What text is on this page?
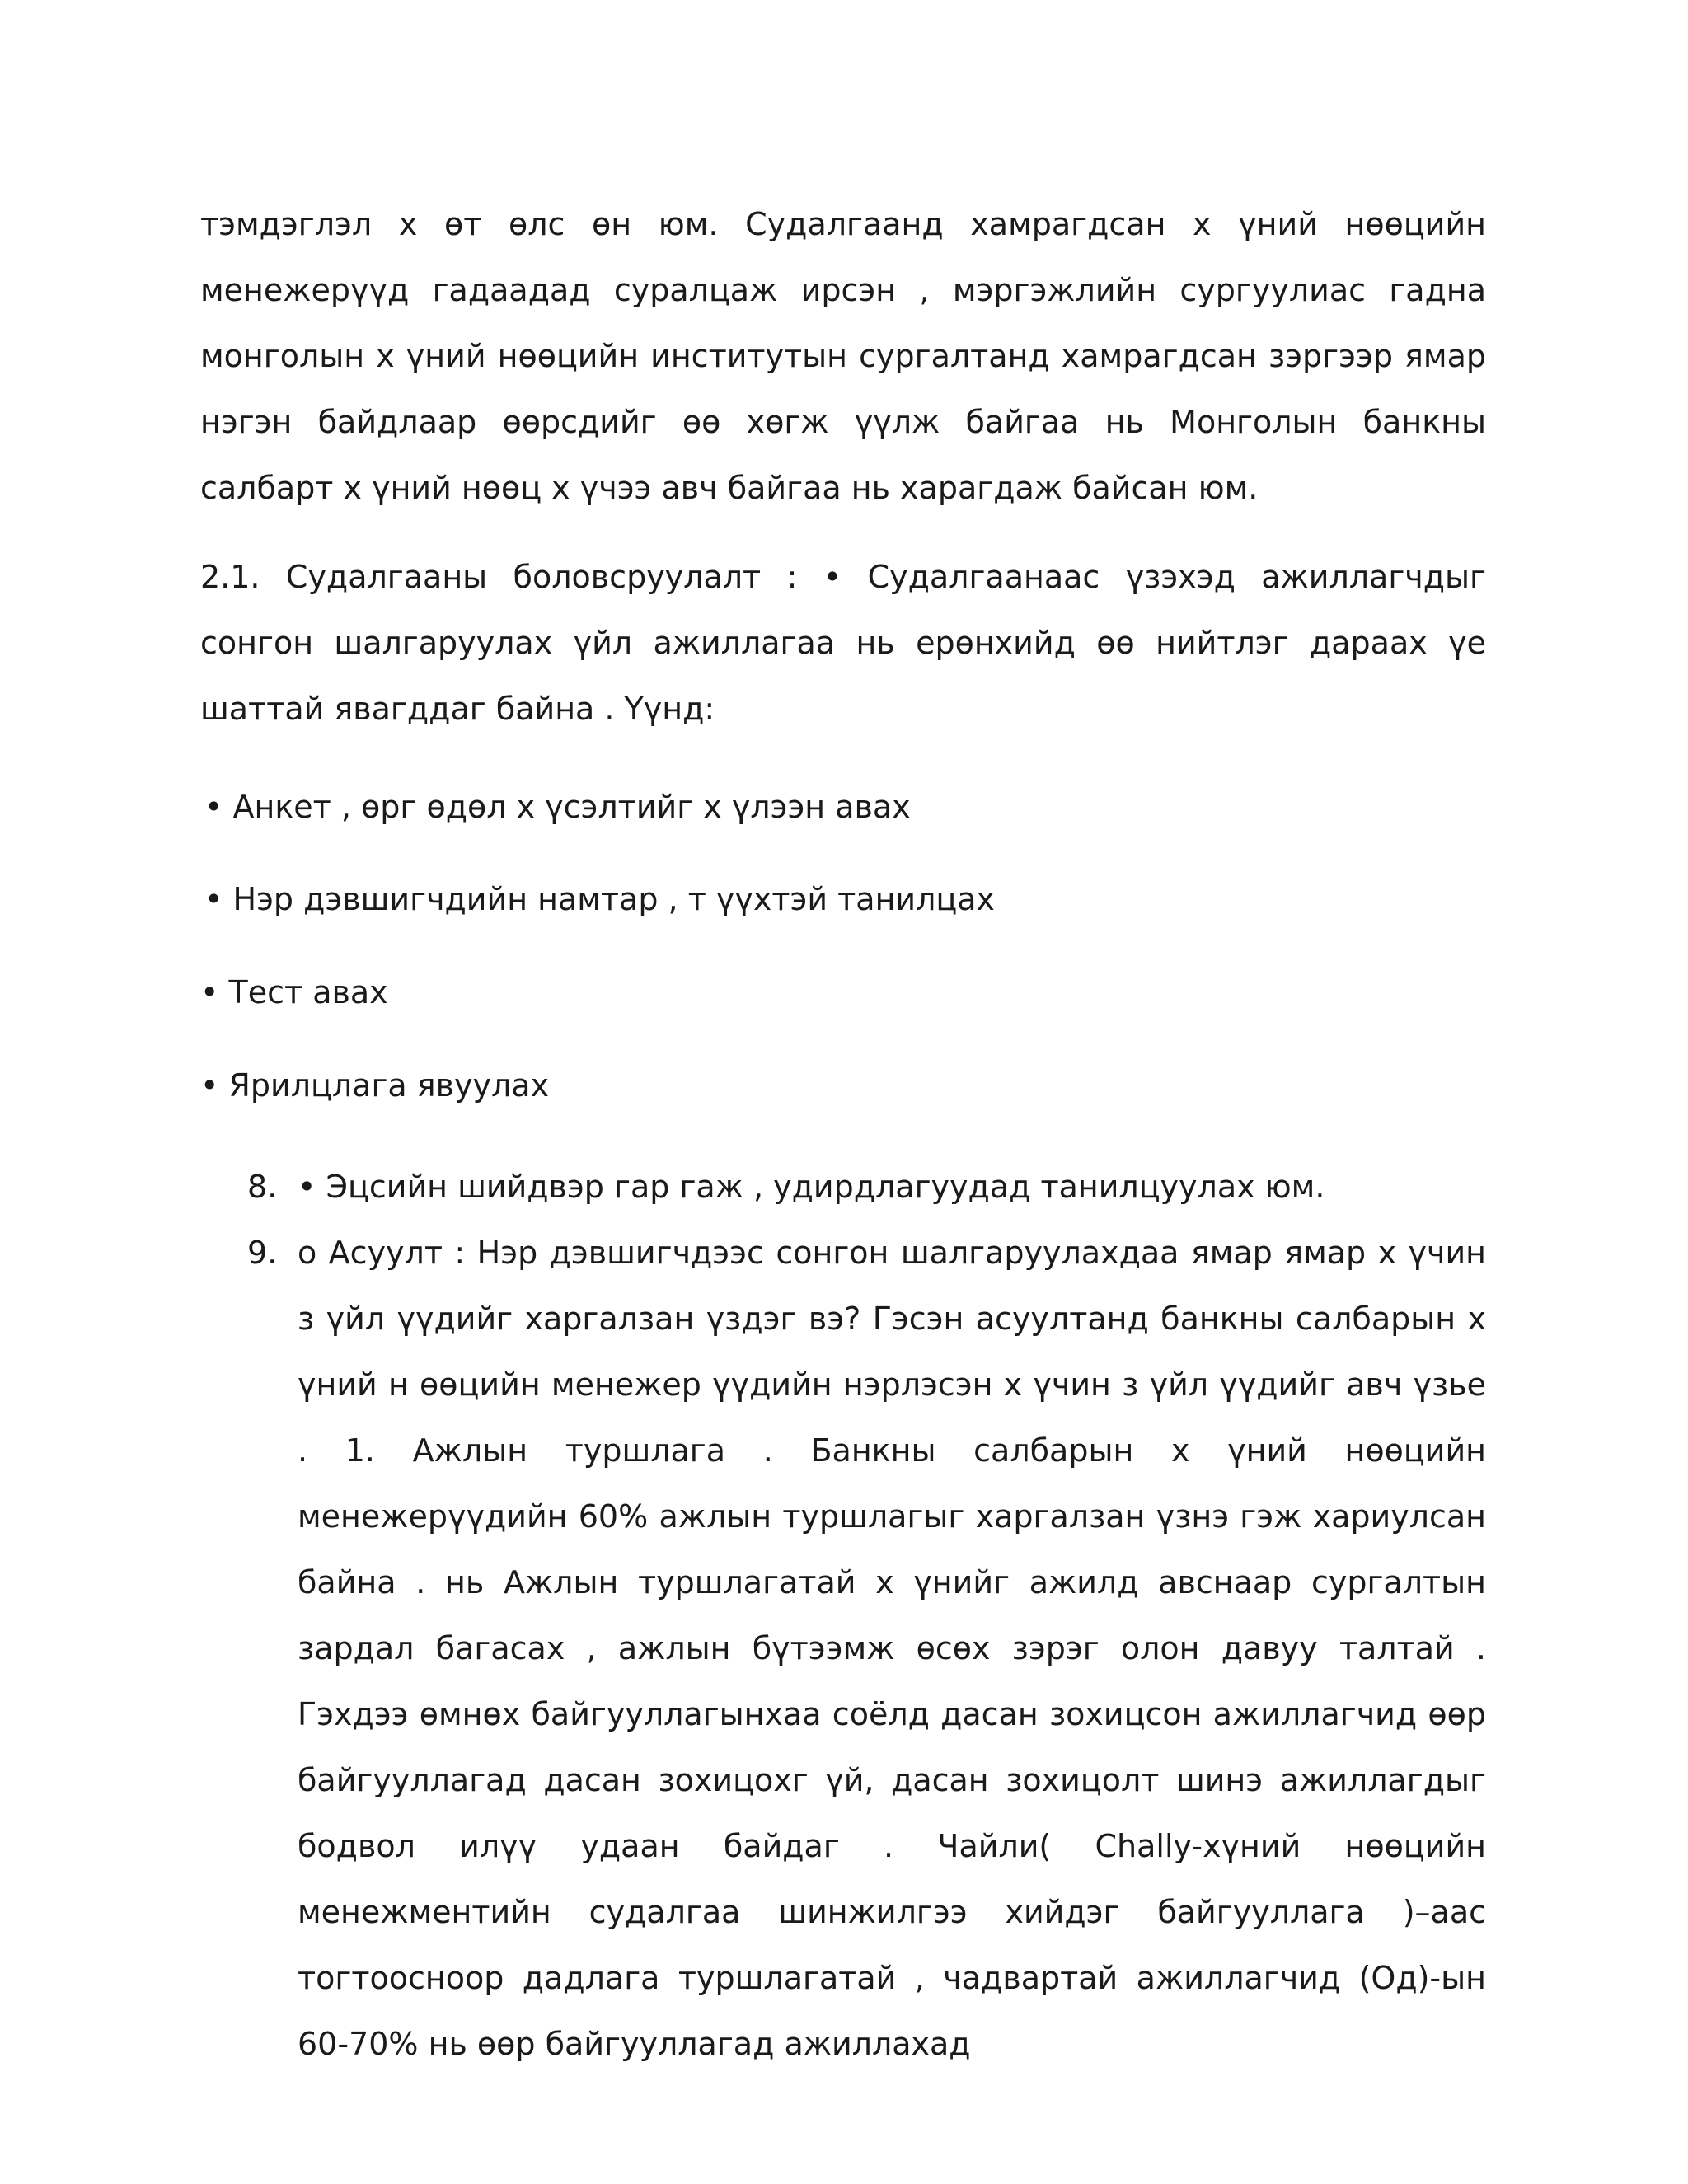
тэмдэглэл х өт өлс өн юм. Судалгаанд хамрагдсан х үний нөөцийн менежерүүд гадаадад суралцаж ирсэн , мэргэжлийн сургуулиас гадна монголын х үний нөөцийн институтын сургалтанд хамрагдсан зэргээр ямар нэгэн байдлаар өөрсдийг өө хөгж үүлж байгаа нь Монголын банкны салбарт х үний нөөц х үчээ авч байгаа нь харагдаж байсан юм.

2.1. Судалгааны боловсруулалт : • Судалгаанаас үзэхэд ажиллагчдыг сонгон шалгаруулах үйл ажиллагаа нь ерөнхийд өө нийтлэг дараах үе шаттай явагддаг байна . Үүнд:

• Анкет , өрг өдөл х үсэлтийг х үлээн авах
• Нэр дэвшигчдийн намтар , т үүхтэй танилцах
• Тест авах
• Ярилцлага явуулах
8. • Эцсийн шийдвэр гар гаж , удирдлагуудад танилцуулах юм.

9. o Асуулт : Нэр дэвшигчдээс сонгон шалгаруулахдаа ямар ямар х үчин з үйл үүдийг харгалзан үздэг вэ? Гэсэн асуултанд банкны салбарын х үний н өөцийн менежер үүдийн нэрлэсэн х үчин з үйл үүдийг авч үзье . 1. Ажлын туршлага . Банкны салбарын х үний нөөцийн менежерүүдийн 60% ажлын туршлагыг харгалзан үзнэ гэж хариулсан байна . нь Ажлын туршлагатай х үнийг ажилд авснаар сургалтын зардал багасах , ажлын бүтээмж өсөх зэрэг олон давуу талтай . Гэхдээ өмнөх байгууллагынхаа соёлд дасан зохицсон ажиллагчид өөр байгууллагад дасан зохицохг үй, дасан зохицолт шинэ ажиллагдыг бодвол илүү удаан байдаг . Чайли( Chally-хүний нөөцийн менежментийн судалгаа шинжилгээ хийдэг байгууллага )–аас тогтоосноор дадлага туршлагатай , чадвартай ажиллагчид (Од)-ын 60-70% нь өөр байгууллагад ажиллахад
